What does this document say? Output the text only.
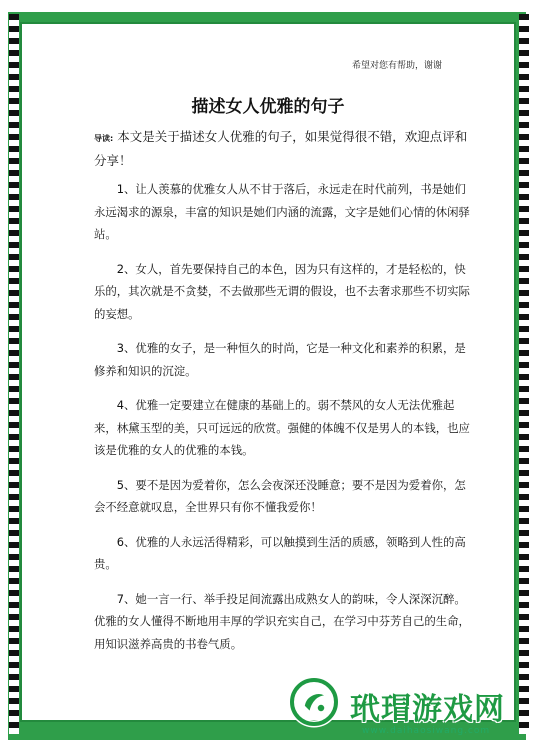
希望对您有帮助，谢谢
描述女人优雅的句子
导读: 本文是关于描述女人优雅的句子，如果觉得很不错，欢迎点评和分享！

1、让人羡慕的优雅女人从不甘于落后，永远走在时代前列，书是她们永远渴求的源泉，丰富的知识是她们内涵的流露，文字是她们心情的休闲驿站。

2、女人，首先要保持自己的本色，因为只有这样的，才是轻松的，快乐的，其次就是不贪婪，不去做那些无谓的假设，也不去奢求那些不切实际的妄想。

3、优雅的女子，是一种恒久的时尚，它是一种文化和素养的积累，是修养和知识的沉淀。

4、优雅一定要建立在健康的基础上的。弱不禁风的女人无法优雅起来，林黛玉型的美，只可远远的欣赏。强健的体魄不仅是男人的本钱，也应该是优雅的女人的优雅的本钱。

5、要不是因为爱着你，怎么会夜深还没睡意；要不是因为爱着你，怎会不经意就叹息，全世界只有你不懂我爱你！

6、优雅的人永远活得精彩，可以触摸到生活的质感，领略到人性的高贵。

7、她一言一行、举手投足间流露出成熟女人的韵味，令人深深沉醉。优雅的女人懂得不断地用丰厚的学识充实自己，在学习中芬芳自己的生命，用知识滋养高贵的书卷气质。

玳瑁游戏网
www.daihaosiwang.com
